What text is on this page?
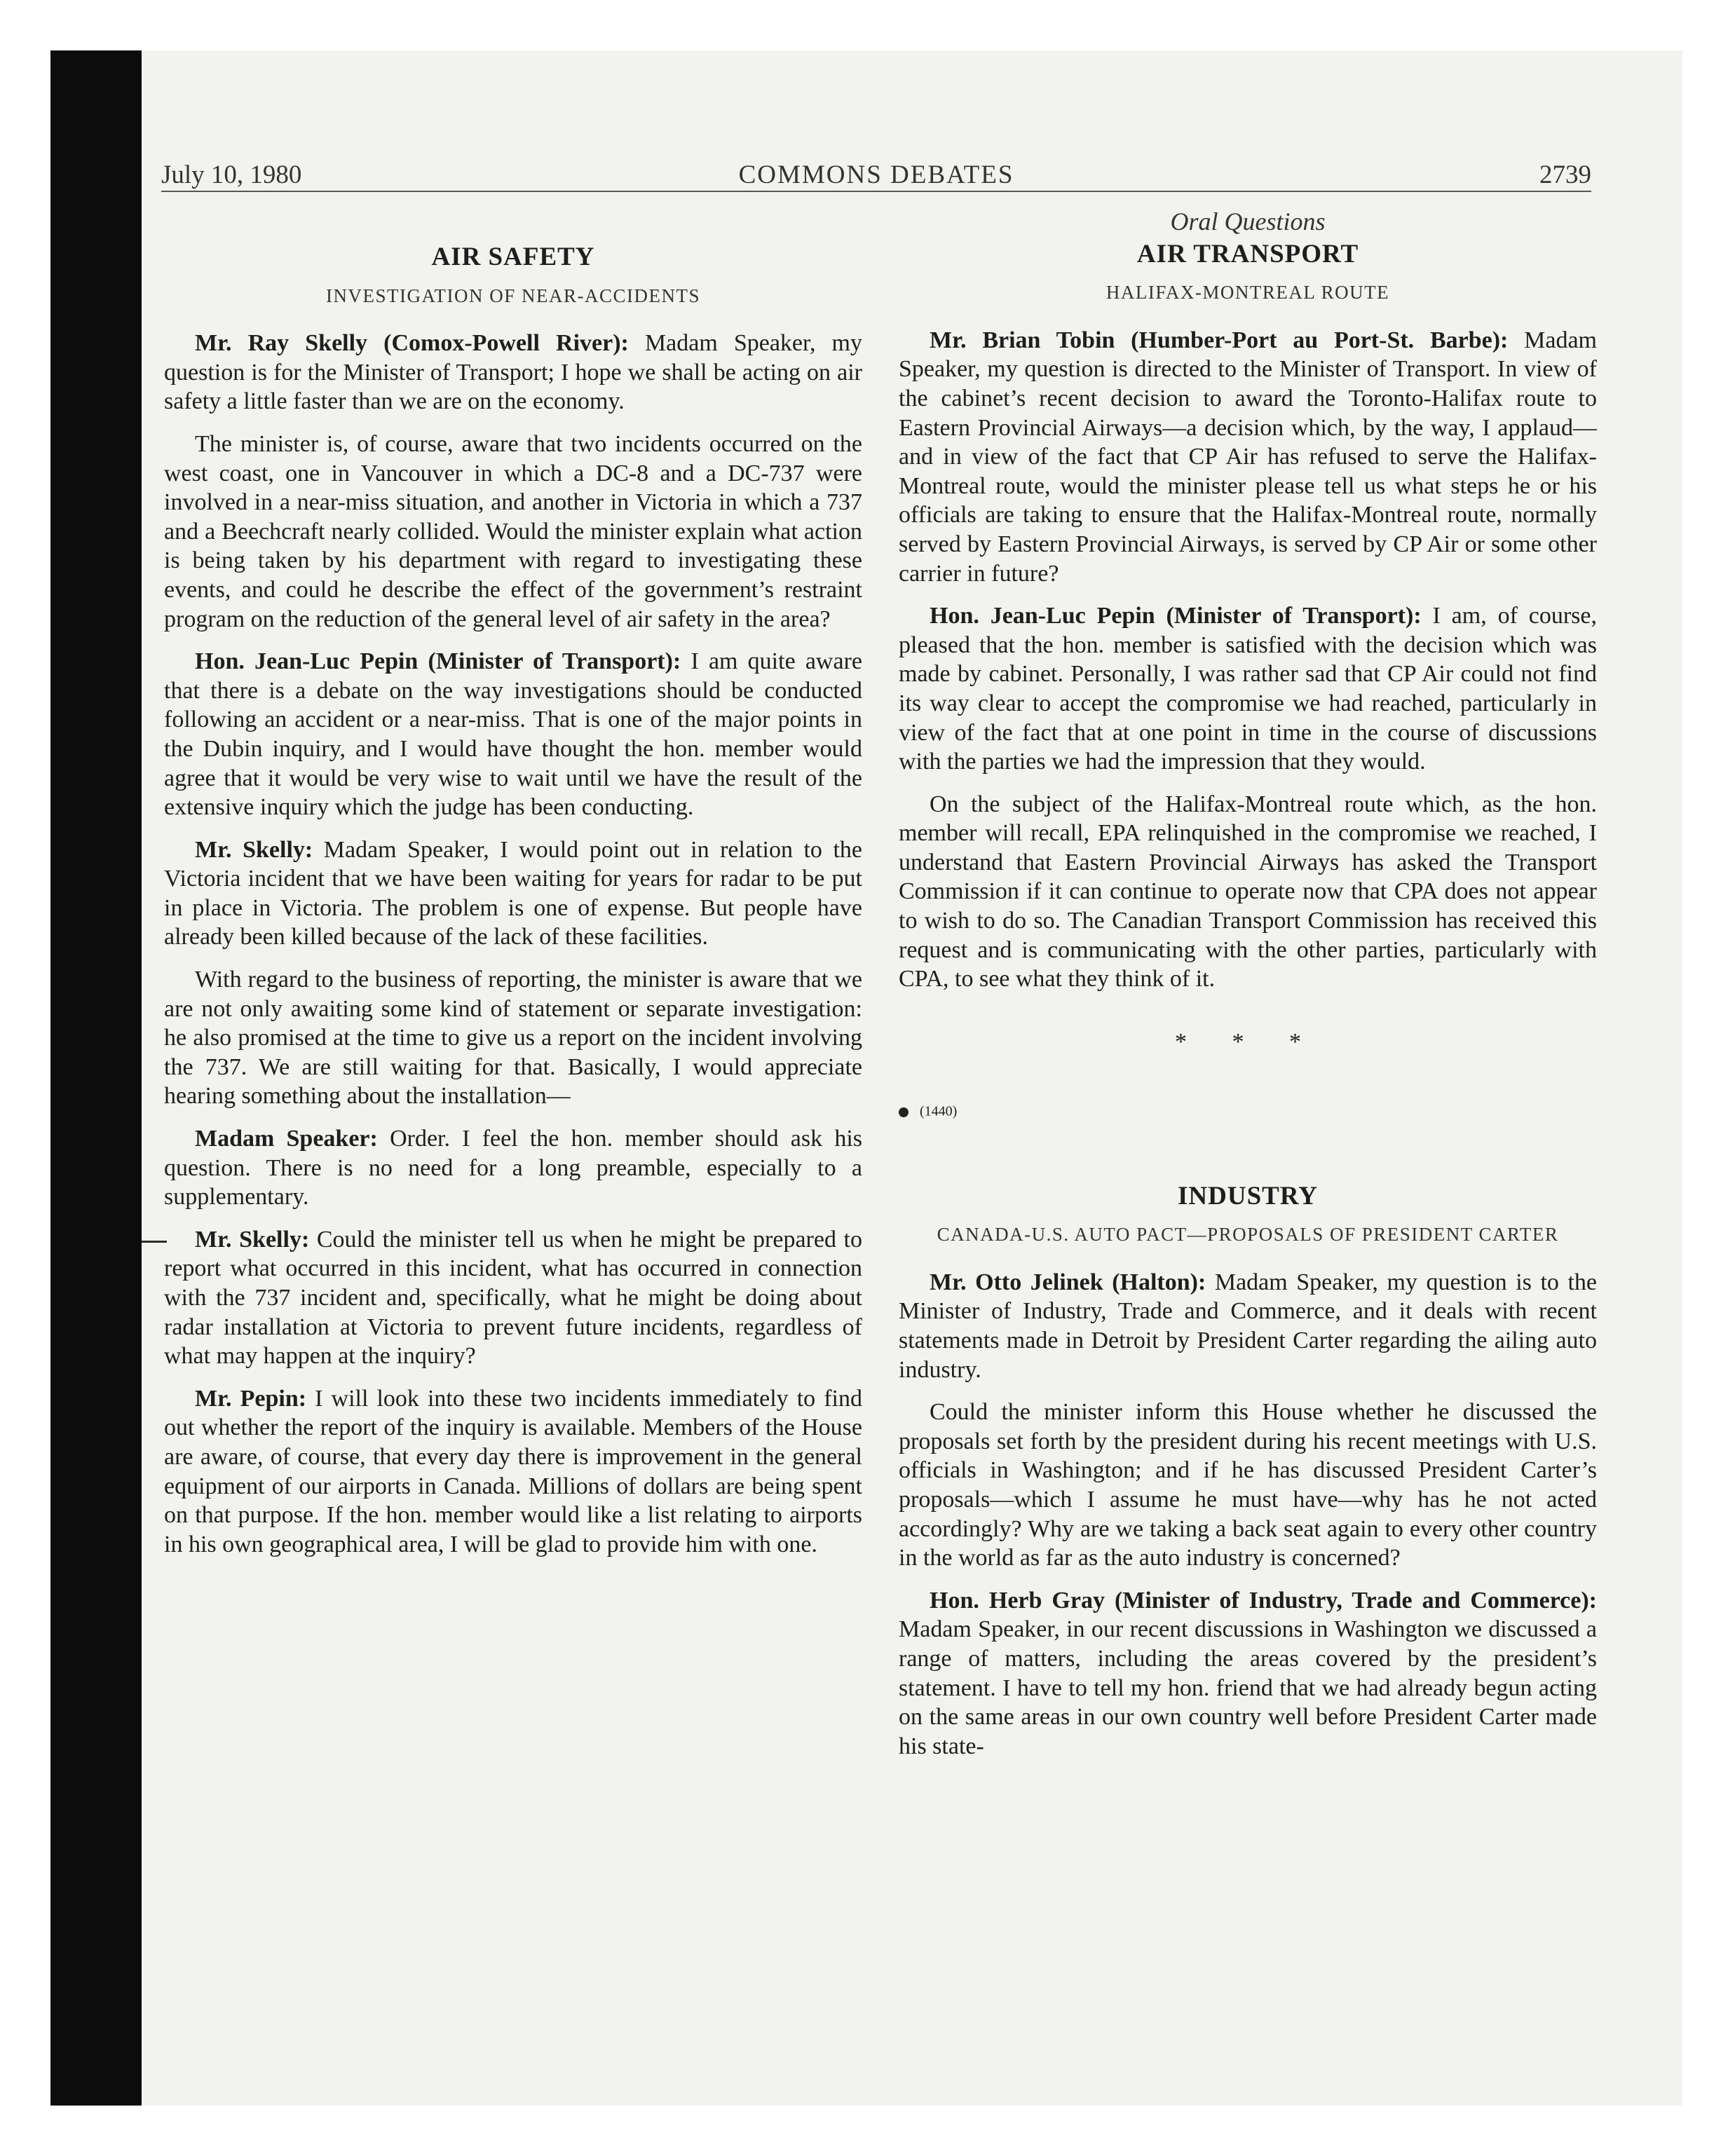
July 10, 1980	COMMONS DEBATES	2739
AIR SAFETY
INVESTIGATION OF NEAR-ACCIDENTS

Mr. Ray Skelly (Comox-Powell River): Madam Speaker, my question is for the Minister of Transport; I hope we shall be acting on air safety a little faster than we are on the economy.

The minister is, of course, aware that two incidents occurred on the west coast, one in Vancouver in which a DC-8 and a DC-737 were involved in a near-miss situation, and another in Victoria in which a 737 and a Beechcraft nearly collided. Would the minister explain what action is being taken by his department with regard to investigating these events, and could he describe the effect of the government’s restraint program on the reduction of the general level of air safety in the area?

Hon. Jean-Luc Pepin (Minister of Transport): I am quite aware that there is a debate on the way investigations should be conducted following an accident or a near-miss. That is one of the major points in the Dubin inquiry, and I would have thought the hon. member would agree that it would be very wise to wait until we have the result of the extensive inquiry which the judge has been conducting.

Mr. Skelly: Madam Speaker, I would point out in relation to the Victoria incident that we have been waiting for years for radar to be put in place in Victoria. The problem is one of expense. But people have already been killed because of the lack of these facilities.

With regard to the business of reporting, the minister is aware that we are not only awaiting some kind of statement or separate investigation: he also promised at the time to give us a report on the incident involving the 737. We are still waiting for that. Basically, I would appreciate hearing something about the installation—

Madam Speaker: Order. I feel the hon. member should ask his question. There is no need for a long preamble, especially to a supplementary.

Mr. Skelly: Could the minister tell us when he might be prepared to report what occurred in this incident, what has occurred in connection with the 737 incident and, specifically, what he might be doing about radar installation at Victoria to prevent future incidents, regardless of what may happen at the inquiry?

Mr. Pepin: I will look into these two incidents immediately to find out whether the report of the inquiry is available. Members of the House are aware, of course, that every day there is improvement in the general equipment of our airports in Canada. Millions of dollars are being spent on that purpose. If the hon. member would like a list relating to airports in his own geographical area, I will be glad to provide him with one.

Oral Questions
AIR TRANSPORT
HALIFAX-MONTREAL ROUTE

Mr. Brian Tobin (Humber-Port au Port-St. Barbe): Madam Speaker, my question is directed to the Minister of Transport. In view of the cabinet’s recent decision to award the Toronto-Halifax route to Eastern Provincial Airways—a decision which, by the way, I applaud—and in view of the fact that CP Air has refused to serve the Halifax-Montreal route, would the minister please tell us what steps he or his officials are taking to ensure that the Halifax-Montreal route, normally served by Eastern Provincial Airways, is served by CP Air or some other carrier in future?

Hon. Jean-Luc Pepin (Minister of Transport): I am, of course, pleased that the hon. member is satisfied with the decision which was made by cabinet. Personally, I was rather sad that CP Air could not find its way clear to accept the compromise we had reached, particularly in view of the fact that at one point in time in the course of discussions with the parties we had the impression that they would.

On the subject of the Halifax-Montreal route which, as the hon. member will recall, EPA relinquished in the compromise we reached, I understand that Eastern Provincial Airways has asked the Transport Commission if it can continue to operate now that CPA does not appear to wish to do so. The Canadian Transport Commission has received this request and is communicating with the other parties, particularly with CPA, to see what they think of it.

* * *
(1440)
INDUSTRY
CANADA-U.S. AUTO PACT—PROPOSALS OF PRESIDENT CARTER

Mr. Otto Jelinek (Halton): Madam Speaker, my question is to the Minister of Industry, Trade and Commerce, and it deals with recent statements made in Detroit by President Carter regarding the ailing auto industry.

Could the minister inform this House whether he discussed the proposals set forth by the president during his recent meetings with U.S. officials in Washington; and if he has discussed President Carter’s proposals—which I assume he must have—why has he not acted accordingly? Why are we taking a back seat again to every other country in the world as far as the auto industry is concerned?

Hon. Herb Gray (Minister of Industry, Trade and Commerce): Madam Speaker, in our recent discussions in Washington we discussed a range of matters, including the areas covered by the president’s statement. I have to tell my hon. friend that we had already begun acting on the same areas in our own country well before President Carter made his state-
